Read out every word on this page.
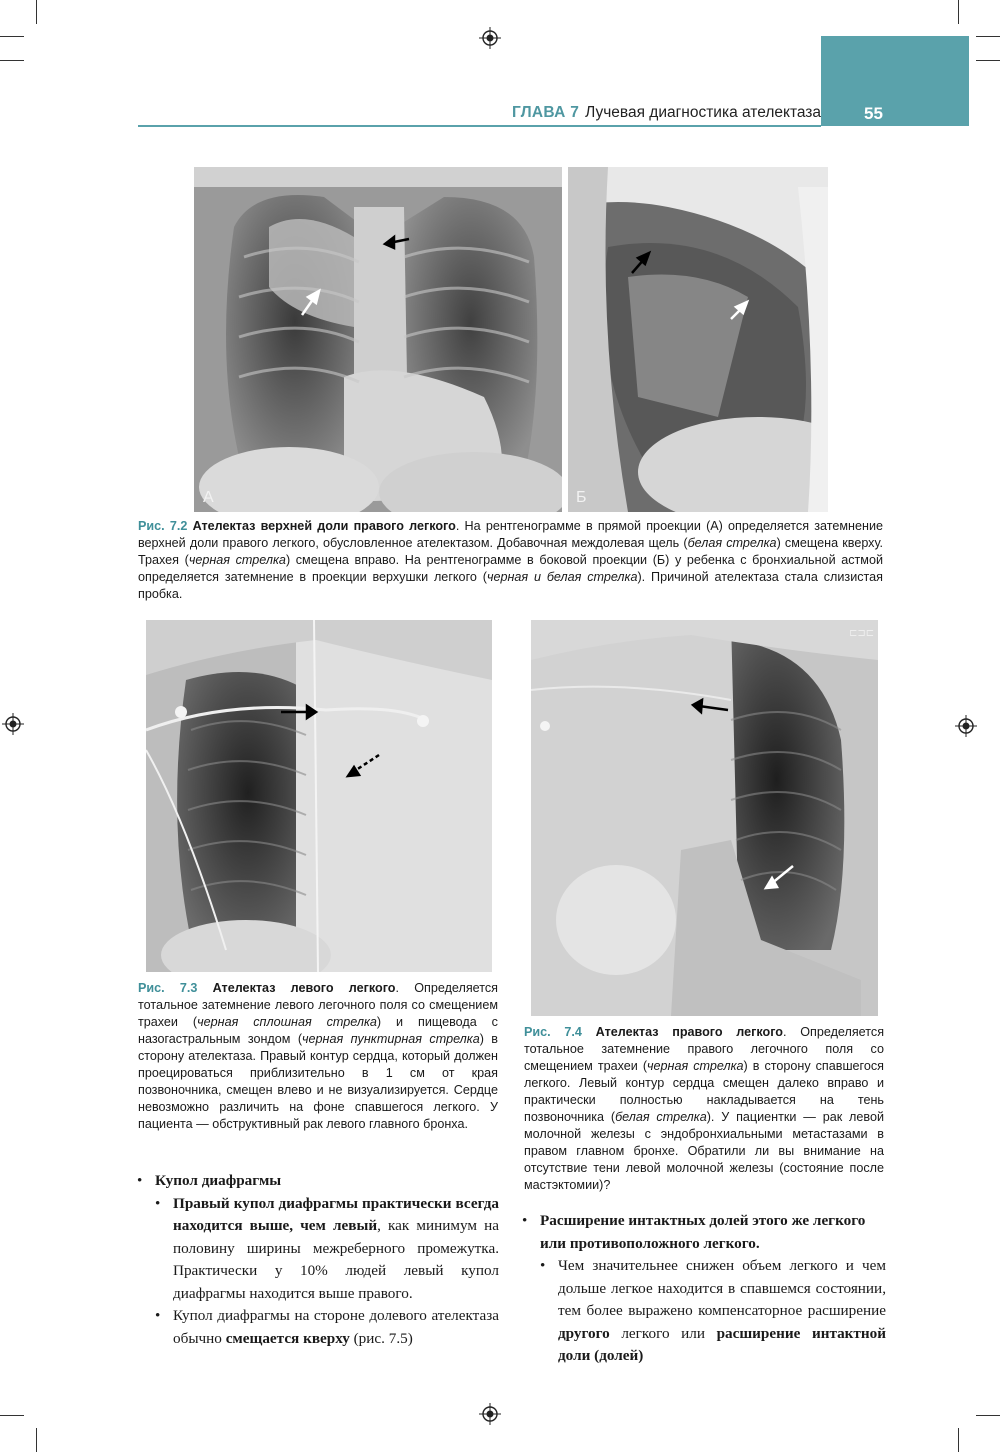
ГЛАВА 7 Лучевая диагностика ателектаза	55
А	Б
Рис. 7.2 Ателектаз верхней доли правого легкого. На рентгенограмме в прямой проекции (А) определяется затемнение верхней доли правого легкого, обусловленное ателектазом. Добавочная междолевая щель (белая стрелка) смещена кверху. Трахея (черная стрелка) смещена вправо. На рентгенограмме в боковой проекции (Б) у ребенка с бронхиальной астмой определяется затемнение в проекции верхушки легкого (черная и белая стрелка). Причиной ателектаза стала слизистая пробка.
Рис. 7.3 Ателектаз левого легкого. Определяется тотальное затемнение левого легочного поля со смещением трахеи (черная сплошная стрелка) и пищевода с назогастральным зондом (черная пунктирная стрелка) в сторону ателектаза. Правый контур сердца, который должен проецироваться приблизительно в 1 см от края позвоночника, смещен влево и не визуализируется. Сердце невозможно различить на фоне спавшегося легкого. У пациента — обструктивный рак левого главного бронха.
⊏⊐⊏
Рис. 7.4 Ателектаз правого легкого. Определяется тотальное затемнение правого легочного поля со смещением трахеи (черная стрелка) в сторону спавшегося легкого. Левый контур сердца смещен далеко вправо и практически полностью накладывается на тень позвоночника (белая стрелка). У пациентки — рак левой молочной железы с эндобронхиальными метастазами в правом главном бронхе. Обратили ли вы внимание на отсутствие тени левой молочной железы (состояние после мастэктомии)?
• Купол диафрагмы
• Правый купол диафрагмы практически всегда находится выше, чем левый, как минимум на половину ширины межреберного промежутка. Практически у 10% людей левый купол диафрагмы находится выше правого.
• Купол диафрагмы на стороне долевого ателектаза обычно смещается кверху (рис. 7.5)
• Расширение интактных долей этого же легкого или противоположного легкого.
• Чем значительнее снижен объем легкого и чем дольше легкое находится в спавшемся состоянии, тем более выражено компенсаторное расширение другого легкого или расширение интактной доли (долей)
